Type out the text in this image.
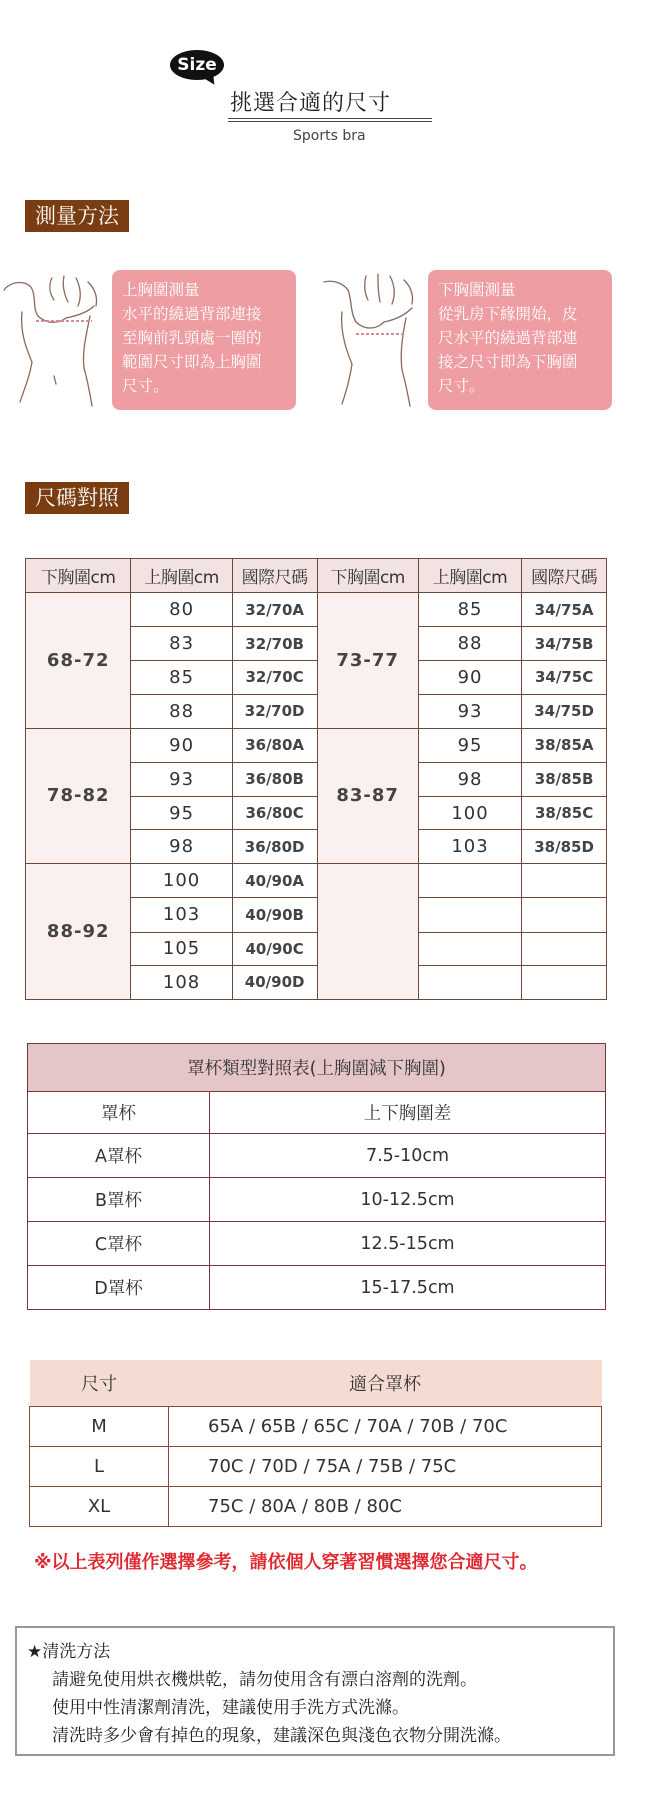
Size
挑選合適的尺寸
Sports bra
測量方法
上胸圍測量
水平的繞過背部連接
至胸前乳頭處一圈的
範圍尺寸即為上胸圍
尺寸。
下胸圍測量
從乳房下緣開始，皮
尺水平的繞過背部連
接之尺寸即為下胸圍
尺寸。
尺碼對照
下胸圍cm	上胸圍cm	國際尺碼	下胸圍cm	上胸圍cm	國際尺碼
68-72	80	32/70A	73-77	85	34/75A
	83	32/70B		88	34/75B
	85	32/70C		90	34/75C
	88	32/70D		93	34/75D
78-82	90	36/80A	83-87	95	38/85A
	93	36/80B		98	38/85B
	95	36/80C		100	38/85C
	98	36/80D		103	38/85D
88-92	100	40/90A			
	103	40/90B			
	105	40/90C			
	108	40/90D			
罩杯類型對照表(上胸圍減下胸圍)	
罩杯	上下胸圍差
A罩杯	7.5-10cm
B罩杯	10-12.5cm
C罩杯	12.5-15cm
D罩杯	15-17.5cm
尺寸	適合罩杯
M	65A / 65B / 65C / 70A / 70B / 70C
L	70C / 70D / 75A / 75B / 75C
XL	75C / 80A / 80B / 80C
※以上表列僅作選擇參考，請依個人穿著習慣選擇您合適尺寸。
★清洗方法
請避免使用烘衣機烘乾，請勿使用含有漂白溶劑的洗劑。
使用中性清潔劑清洗，建議使用手洗方式洗滌。
清洗時多少會有掉色的現象，建議深色與淺色衣物分開洗滌。
